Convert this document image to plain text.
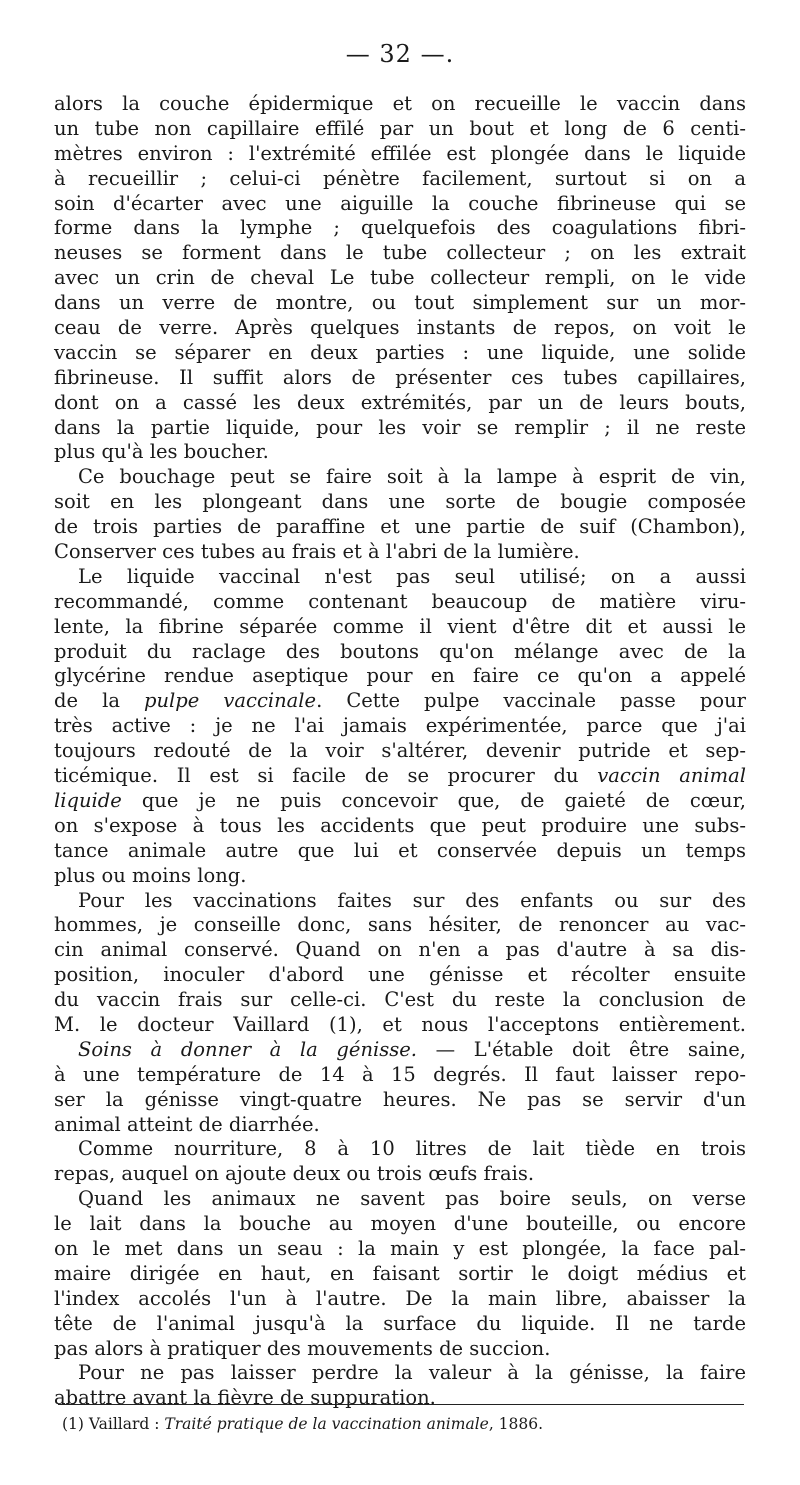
— 32 —.
alors la couche épidermique et on recueille le vaccin dans
un tube non capillaire effilé par un bout et long de 6 centi-
mètres environ : l'extrémité effilée est plongée dans le liquide
à recueillir ; celui-ci pénètre facilement, surtout si on a
soin d'écarter avec une aiguille la couche fibrineuse qui se
forme dans la lymphe ; quelquefois des coagulations fibri-
neuses se forment dans le tube collecteur ; on les extrait
avec un crin de cheval Le tube collecteur rempli, on le vide
dans un verre de montre, ou tout simplement sur un mor-
ceau de verre. Après quelques instants de repos, on voit le
vaccin se séparer en deux parties : une liquide, une solide
fibrineuse. Il suffit alors de présenter ces tubes capillaires,
dont on a cassé les deux extrémités, par un de leurs bouts,
dans la partie liquide, pour les voir se remplir ; il ne reste
plus qu'à les boucher.
Ce bouchage peut se faire soit à la lampe à esprit de vin,
soit en les plongeant dans une sorte de bougie composée
de trois parties de paraffine et une partie de suif (Chambon),
Conserver ces tubes au frais et à l'abri de la lumière.
Le liquide vaccinal n'est pas seul utilisé; on a aussi
recommandé, comme contenant beaucoup de matière viru-
lente, la fibrine séparée comme il vient d'être dit et aussi le
produit du raclage des boutons qu'on mélange avec de la
glycérine rendue aseptique pour en faire ce qu'on a appelé
de la pulpe vaccinale. Cette pulpe vaccinale passe pour
très active : je ne l'ai jamais expérimentée, parce que j'ai
toujours redouté de la voir s'altérer, devenir putride et sep-
ticémique. Il est si facile de se procurer du vaccin animal
liquide que je ne puis concevoir que, de gaieté de cœur,
on s'expose à tous les accidents que peut produire une subs-
tance animale autre que lui et conservée depuis un temps
plus ou moins long.
Pour les vaccinations faites sur des enfants ou sur des
hommes, je conseille donc, sans hésiter, de renoncer au vac-
cin animal conservé. Quand on n'en a pas d'autre à sa dis-
position, inoculer d'abord une génisse et récolter ensuite
du vaccin frais sur celle-ci. C'est du reste la conclusion de
M. le docteur Vaillard (1), et nous l'acceptons entièrement.
Soins à donner à la génisse. — L'étable doit être saine,
à une température de 14 à 15 degrés. Il faut laisser repo-
ser la génisse vingt-quatre heures. Ne pas se servir d'un
animal atteint de diarrhée.
Comme nourriture, 8 à 10 litres de lait tiède en trois
repas, auquel on ajoute deux ou trois œufs frais.
Quand les animaux ne savent pas boire seuls, on verse
le lait dans la bouche au moyen d'une bouteille, ou encore
on le met dans un seau : la main y est plongée, la face pal-
maire dirigée en haut, en faisant sortir le doigt médius et
l'index accolés l'un à l'autre. De la main libre, abaisser la
tête de l'animal jusqu'à la surface du liquide. Il ne tarde
pas alors à pratiquer des mouvements de succion.
Pour ne pas laisser perdre la valeur à la génisse, la faire
abattre avant la fièvre de suppuration.
(1) Vaillard : Traité pratique de la vaccination animale, 1886.
